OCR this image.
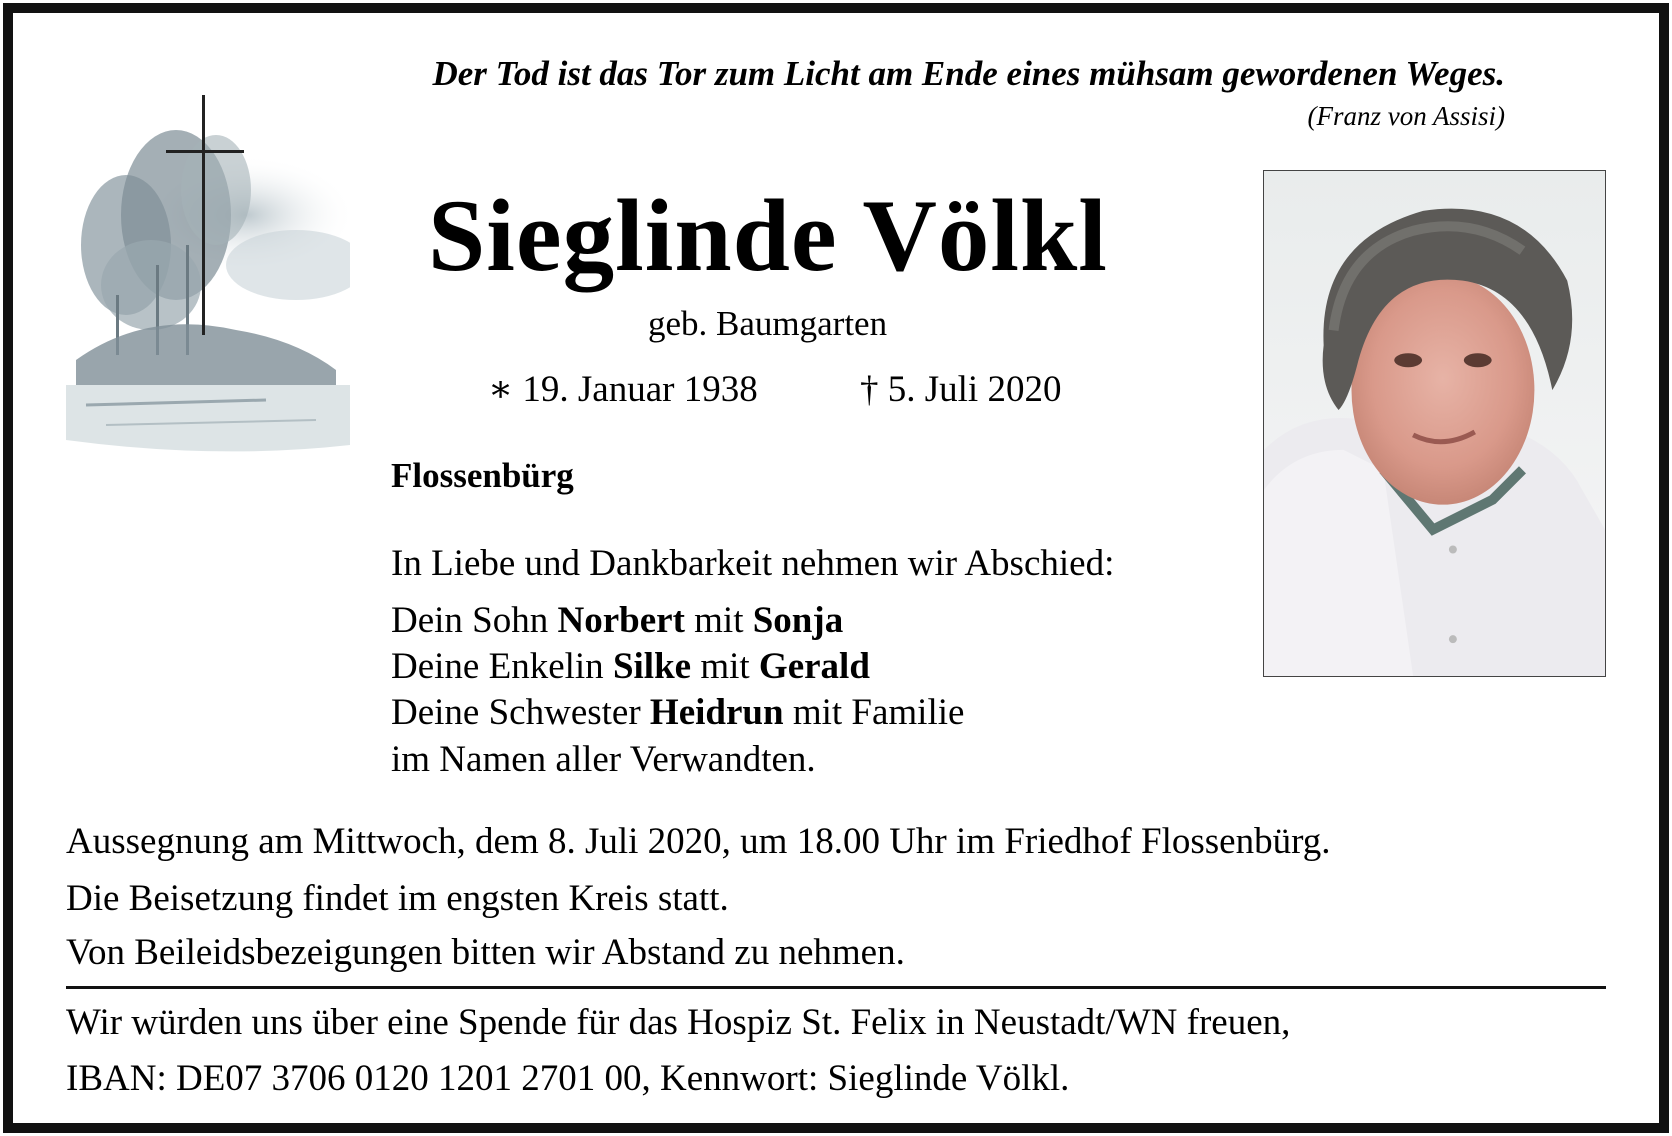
Der Tod ist das Tor zum Licht am Ende eines mühsam gewordenen Weges.
(Franz von Assisi)
Sieglinde Völkl
geb. Baumgarten
∗ 19. Januar 1938	† 5. Juli 2020
Flossenbürg
In Liebe und Dankbarkeit nehmen wir Abschied:
Dein Sohn Norbert mit Sonja
Deine Enkelin Silke mit Gerald
Deine Schwester Heidrun mit Familie
im Namen aller Verwandten.
Aussegnung am Mittwoch, dem 8. Juli 2020, um 18.00 Uhr im Friedhof Flossenbürg.
Die Beisetzung findet im engsten Kreis statt.
Von Beileidsbezeigungen bitten wir Abstand zu nehmen.
Wir würden uns über eine Spende für das Hospiz St. Felix in Neustadt/WN freuen,
IBAN: DE07 3706 0120 1201 2701 00, Kennwort: Sieglinde Völkl.
